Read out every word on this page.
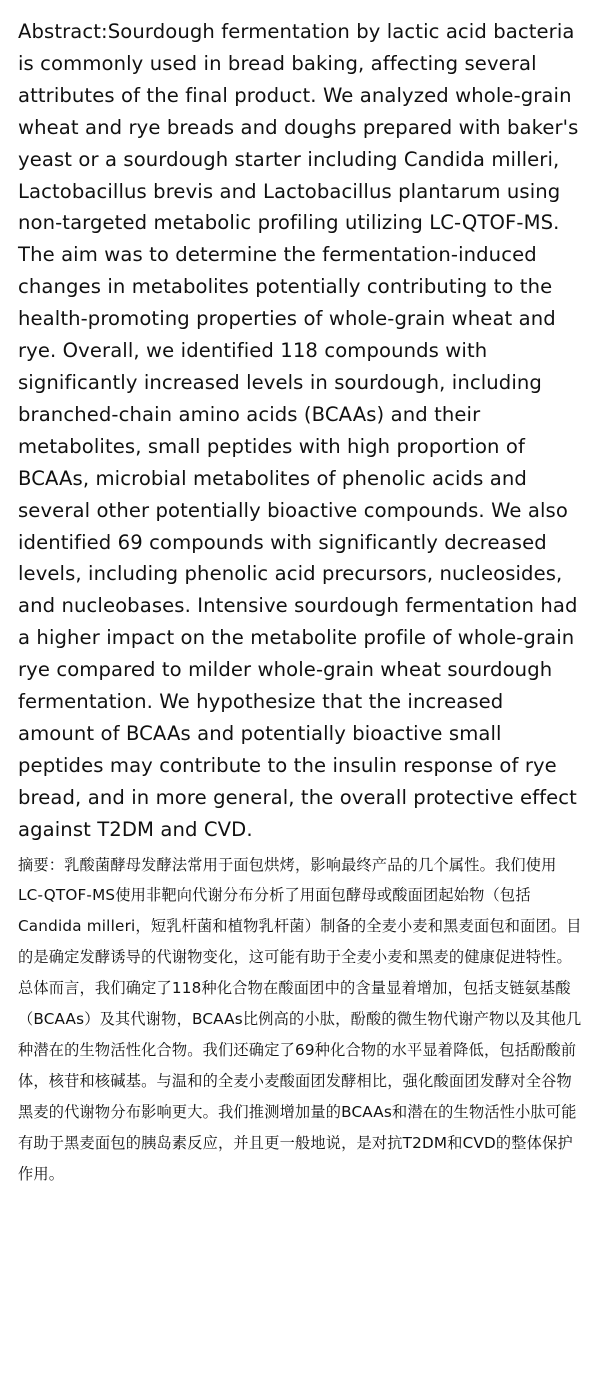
Abstract:Sourdough fermentation by lactic acid bacteria is commonly used in bread baking, affecting several attributes of the final product. We analyzed whole-grain wheat and rye breads and doughs prepared with baker's yeast or a sourdough starter including Candida milleri, Lactobacillus brevis and Lactobacillus plantarum using non-targeted metabolic profiling utilizing LC-QTOF-MS. The aim was to determine the fermentation-induced changes in metabolites potentially contributing to the health-promoting properties of whole-grain wheat and rye. Overall, we identified 118 compounds with significantly increased levels in sourdough, including branched-chain amino acids (BCAAs) and their metabolites, small peptides with high proportion of BCAAs, microbial metabolites of phenolic acids and several other potentially bioactive compounds. We also identified 69 compounds with significantly decreased levels, including phenolic acid precursors, nucleosides, and nucleobases. Intensive sourdough fermentation had a higher impact on the metabolite profile of whole-grain rye compared to milder whole-grain wheat sourdough fermentation. We hypothesize that the increased amount of BCAAs and potentially bioactive small peptides may contribute to the insulin response of rye bread, and in more general, the overall protective effect against T2DM and CVD.

摘要：乳酸菌酵母发酵法常用于面包烘烤，影响最终产品的几个属性。我们使用LC-QTOF-MS使用非靶向代谢分布分析了用面包酵母或酸面团起始物（包括Candida milleri，短乳杆菌和植物乳杆菌）制备的全麦小麦和黑麦面包和面团。目的是确定发酵诱导的代谢物变化，这可能有助于全麦小麦和黑麦的健康促进特性。总体而言，我们确定了118种化合物在酸面团中的含量显着增加，包括支链氨基酸（BCAAs）及其代谢物，BCAAs比例高的小肽，酚酸的微生物代谢产物以及其他几种潜在的生物活性化合物。我们还确定了69种化合物的水平显着降低，包括酚酸前体，核苷和核碱基。与温和的全麦小麦酸面团发酵相比，强化酸面团发酵对全谷物黑麦的代谢物分布影响更大。我们推测增加量的BCAAs和潜在的生物活性小肽可能有助于黑麦面包的胰岛素反应，并且更一般地说，是对抗T2DM和CVD的整体保护作用。
